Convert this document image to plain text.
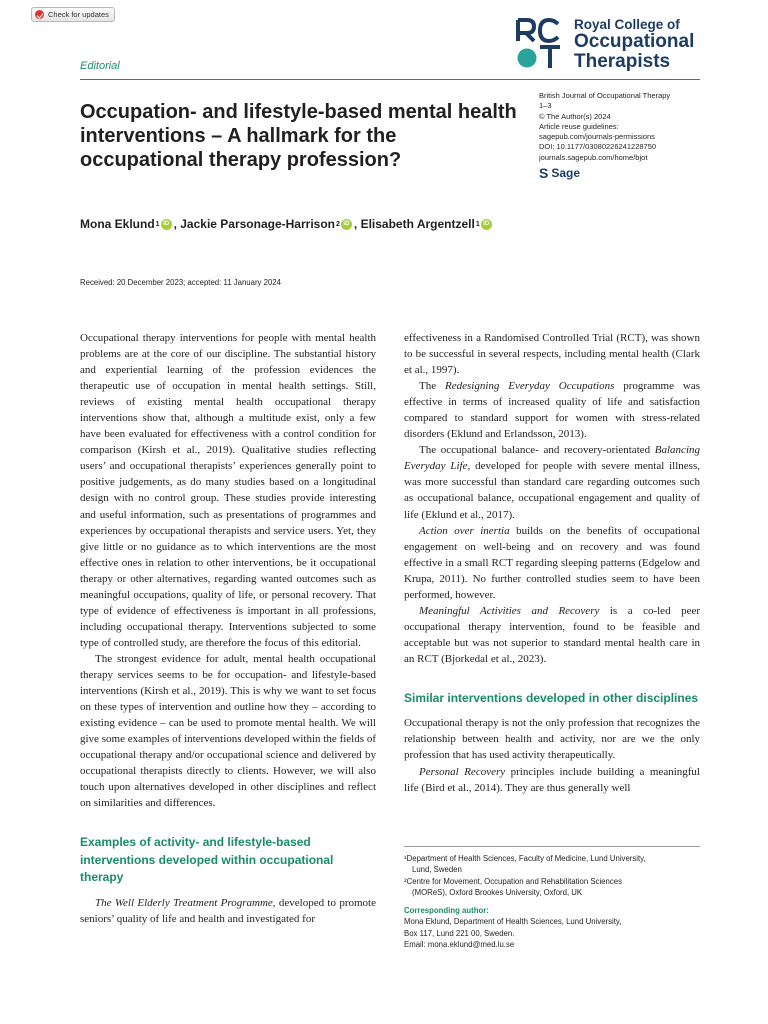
Check for updates
Royal College of
Occupational
Therapists
Editorial
Occupation- and lifestyle-based mental health interventions – A hallmark for the occupational therapy profession?
British Journal of Occupational Therapy
1–3
© The Author(s) 2024
Article reuse guidelines:
sagepub.com/journals-permissions
DOI: 10.1177/03080226241228750
journals.sagepub.com/home/bjot
S Sage
Mona Eklund 1 iD , Jackie Parsonage-Harrison 2 iD , Elisabeth Argentzell 1 iD
Received: 20 December 2023; accepted: 11 January 2024

Occupational therapy interventions for people with mental health problems are at the core of our discipline. The substantial history and experiential learning of the profession evidences the therapeutic use of occupation in mental health settings. Still, reviews of existing mental health occupational therapy interventions show that, although a multitude exist, only a few have been evaluated for effectiveness with a control condition for comparison (Kirsh et al., 2019). Qualitative studies reflecting users’ and occupational therapists’ experiences generally point to positive judgements, as do many studies based on a longitudinal design with no control group. These studies provide interesting and useful information, such as presentations of programmes and experiences by occupational therapists and service users. Yet, they give little or no guidance as to which interventions are the most effective ones in relation to other interventions, be it occupational therapy or other alternatives, regarding wanted outcomes such as meaningful occupations, quality of life, or personal recovery. That type of evidence of effectiveness is important in all professions, including occupational therapy. Interventions subjected to some type of controlled study, are therefore the focus of this editorial.

The strongest evidence for adult, mental health occupational therapy services seems to be for occupation- and lifestyle-based interventions (Kirsh et al., 2019). This is why we want to set focus on these types of intervention and outline how they – according to existing evidence – can be used to promote mental health. We will give some examples of interventions developed within the fields of occupational therapy and/or occupational science and delivered by occupational therapists directly to clients. However, we will also touch upon alternatives developed in other disciplines and reflect on similarities and differences.

Examples of activity- and lifestyle-based interventions developed within occupational therapy

The Well Elderly Treatment Programme, developed to promote seniors’ quality of life and health and investigated for

effectiveness in a Randomised Controlled Trial (RCT), was shown to be successful in several respects, including mental health (Clark et al., 1997).

The Redesigning Everyday Occupations programme was effective in terms of increased quality of life and satisfaction compared to standard support for women with stress-related disorders (Eklund and Erlandsson, 2013).

The occupational balance- and recovery-orientated Balancing Everyday Life, developed for people with severe mental illness, was more successful than standard care regarding outcomes such as occupational balance, occupational engagement and quality of life (Eklund et al., 2017).

Action over inertia builds on the benefits of occupational engagement on well-being and on recovery and was found effective in a small RCT regarding sleeping patterns (Edgelow and Krupa, 2011). No further controlled studies seem to have been performed, however.

Meaningful Activities and Recovery is a co-led peer occupational therapy intervention, found to be feasible and acceptable but was not superior to standard mental health care in an RCT (Bjorkedal et al., 2023).

Similar interventions developed in other disciplines

Occupational therapy is not the only profession that recognizes the relationship between health and activity, nor are we the only profession that has used activity therapeutically.

Personal Recovery principles include building a meaningful life (Bird et al., 2014). They are thus generally well

¹Department of Health Sciences, Faculty of Medicine, Lund University,
Lund, Sweden
²Centre for Movement, Occupation and Rehabilitation Sciences
(MOReS), Oxford Brookes University, Oxford, UK
Corresponding author:
Mona Eklund, Department of Health Sciences, Lund University,
Box 117, Lund 221 00, Sweden.
Email: mona.eklund@med.lu.se
